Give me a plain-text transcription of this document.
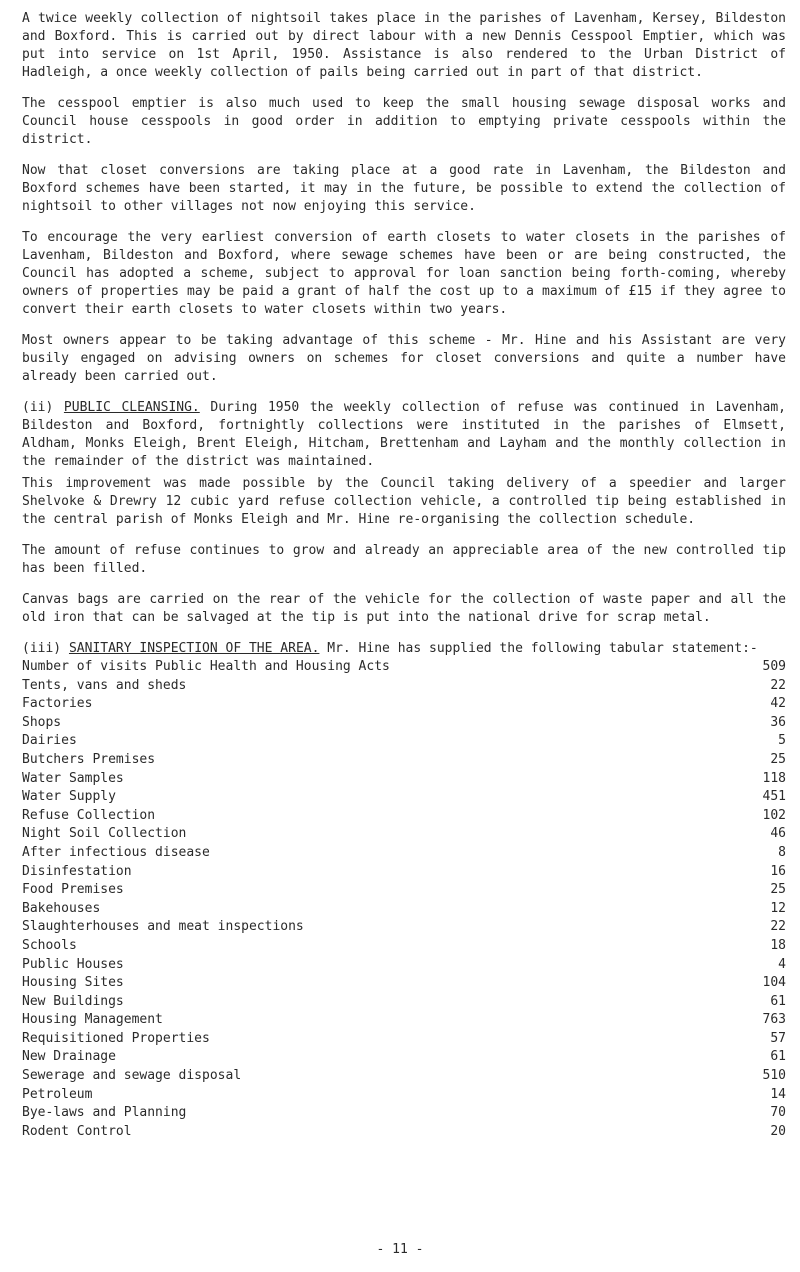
A twice weekly collection of nightsoil takes place in the parishes of Lavenham, Kersey, Bildeston and Boxford. This is carried out by direct labour with a new Dennis Cesspool Emptier, which was put into service on 1st April, 1950. Assistance is also rendered to the Urban District of Hadleigh, a once weekly collection of pails being carried out in part of that district.

The cesspool emptier is also much used to keep the small housing sewage disposal works and Council house cesspools in good order in addition to emptying private cesspools within the district.

Now that closet conversions are taking place at a good rate in Lavenham, the Bildeston and Boxford schemes have been started, it may in the future, be possible to extend the collection of nightsoil to other villages not now enjoying this service.

To encourage the very earliest conversion of earth closets to water closets in the parishes of Lavenham, Bildeston and Boxford, where sewage schemes have been or are being constructed, the Council has adopted a scheme, subject to approval for loan sanction being forth-coming, whereby owners of properties may be paid a grant of half the cost up to a maximum of £15 if they agree to convert their earth closets to water closets within two years.

Most owners appear to be taking advantage of this scheme - Mr. Hine and his Assistant are very busily engaged on advising owners on schemes for closet conversions and quite a number have already been carried out.

(ii) PUBLIC CLEANSING. During 1950 the weekly collection of refuse was continued in Lavenham, Bildeston and Boxford, fortnightly collections were instituted in the parishes of Elmsett, Aldham, Monks Eleigh, Brent Eleigh, Hitcham, Brettenham and Layham and the monthly collection in the remainder of the district was maintained.

This improvement was made possible by the Council taking delivery of a speedier and larger Shelvoke & Drewry 12 cubic yard refuse collection vehicle, a controlled tip being established in the central parish of Monks Eleigh and Mr. Hine re-organising the collection schedule.

The amount of refuse continues to grow and already an appreciable area of the new controlled tip has been filled.

Canvas bags are carried on the rear of the vehicle for the collection of waste paper and all the old iron that can be salvaged at the tip is put into the national drive for scrap metal.

(iii) SANITARY INSPECTION OF THE AREA. Mr. Hine has supplied the following tabular statement:-

Number of visits Public Health and Housing Acts	509
Tents, vans and sheds	22
Factories	42
Shops	36
Dairies	5
Butchers Premises	25
Water Samples	118
Water Supply	451
Refuse Collection	102
Night Soil Collection	46
After infectious disease	8
Disinfestation	16
Food Premises	25
Bakehouses	12
Slaughterhouses and meat inspections	22
Schools	18
Public Houses	4
Housing Sites	104
New Buildings	61
Housing Management	763
Requisitioned Properties	57
New Drainage	61
Sewerage and sewage disposal	510
Petroleum	14
Bye-laws and Planning	70
Rodent Control	20
- 11 -
